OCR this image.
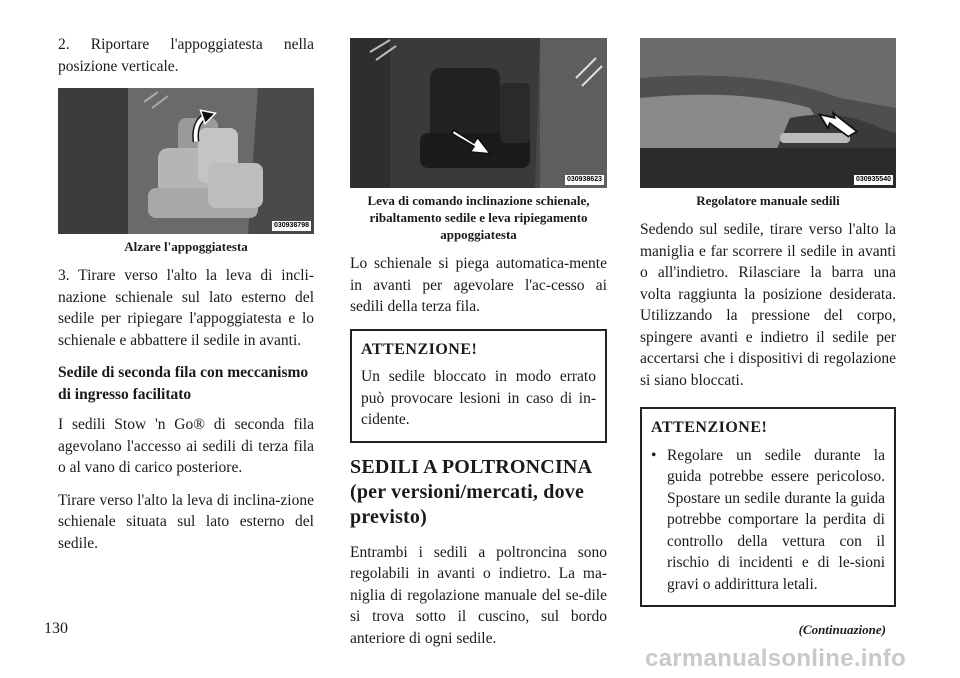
2. Riportare l'appoggiatesta nella posizione verticale.

030938798
Alzare l'appoggiatesta

3. Tirare verso l'alto la leva di incli-nazione schienale sul lato esterno del sedile per ripiegare l'appoggiatesta e lo schienale e abbattere il sedile in avanti.

Sedile di seconda fila con meccanismo di ingresso facilitato

I sedili Stow 'n Go® di seconda fila agevolano l'accesso ai sedili di terza fila o al vano di carico posteriore.

Tirare verso l'alto la leva di inclina-zione schienale situata sul lato esterno del sedile.

030938623
Leva di comando inclinazione schienale, ribaltamento sedile e leva ripiegamento appoggiatesta

Lo schienale si piega automatica-mente in avanti per agevolare l'ac-cesso ai sedili della terza fila.

ATTENZIONE!

Un sedile bloccato in modo errato può provocare lesioni in caso di in-cidente.

SEDILI A POLTRONCINA (per versioni/mercati, dove previsto)

Entrambi i sedili a poltroncina sono regolabili in avanti o indietro. La ma-niglia di regolazione manuale del se-dile si trova sotto il cuscino, sul bordo anteriore di ogni sedile.

030935540
Regolatore manuale sedili

Sedendo sul sedile, tirare verso l'alto la maniglia e far scorrere il sedile in avanti o all'indietro. Rilasciare la barra una volta raggiunta la posizione desiderata. Utilizzando la pressione del corpo, spingere avanti e indietro il sedile per accertarsi che i dispositivi di regolazione si siano bloccati.

ATTENZIONE!
• Regolare un sedile durante la guida potrebbe essere pericoloso. Spostare un sedile durante la guida potrebbe comportare la perdita di controllo della vettura con il rischio di incidenti e di le-sioni gravi o addirittura letali.
(Continuazione)
130
carmanualsonline.info
